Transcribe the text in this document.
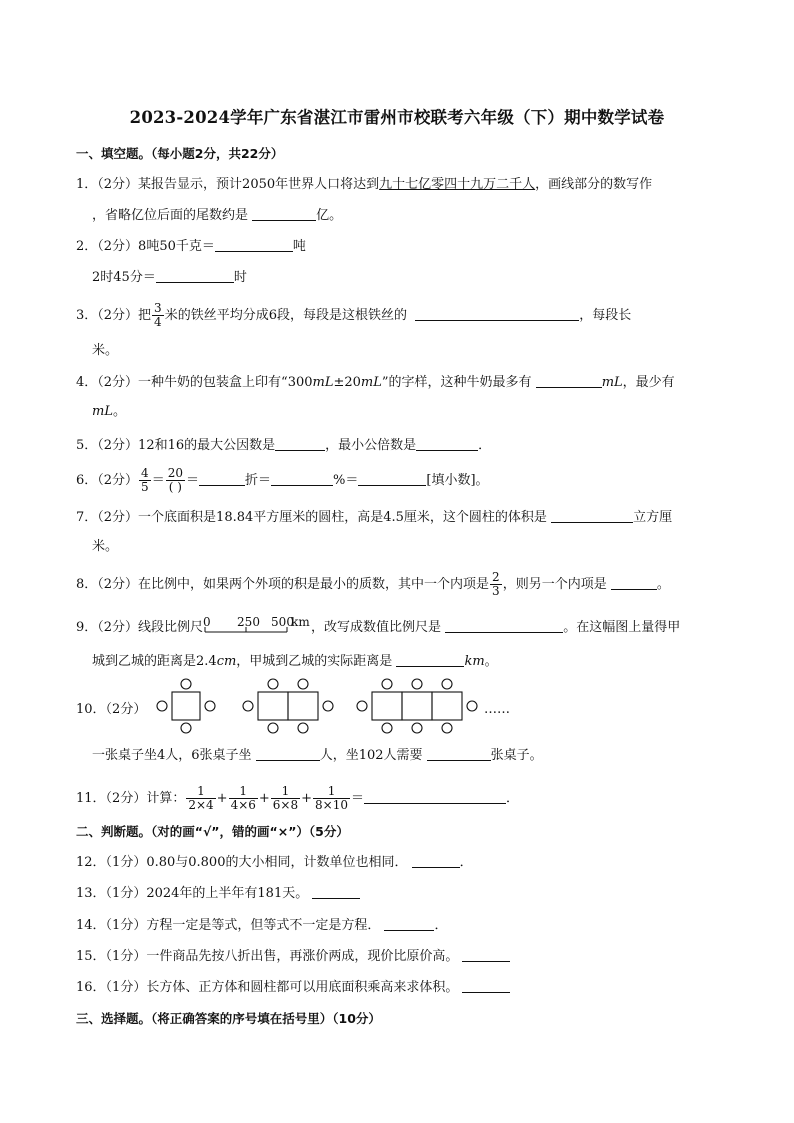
2023-2024学年广东省湛江市雷州市校联考六年级（下）期中数学试卷
一、填空题。（每小题2分，共22分）
1．（2分）某报告显示，预计2050年世界人口将达到九十七亿零四十九万二千人，画线部分的数写作
，省略亿位后面的尾数约是	亿。
2．（2分）8吨50千克＝	吨
2时45分＝	时
3．（2分）把 $\frac{3}{4}$ 米的铁丝平均分成6段，每段是这根铁丝的	，每段长
米。
4．（2分）一种牛奶的包装盒上印有“300mL±20mL”的字样，这种牛奶最多有	mL，最少有
mL。
5．（2分）12和16的最大公因数是	，最小公倍数是	．
6．（2分） $\frac{4}{5} = \frac{20}{( )}$ ＝	折＝	%＝	[填小数]。
7．（2分）一个底面积是18.84平方厘米的圆柱，高是4.5厘米，这个圆柱的体积是	立方厘
米。
8．（2分）在比例中，如果两个外项的积是最小的质数，其中一个内项是 $\frac{2}{3}$ ，则另一个内项是	。
9．（2分）线段比例尺 0 250 500
km ，改写成数值比例尺是	。在这幅图上量得甲
城到乙城的距离是2.4cm，甲城到乙城的实际距离是	km。
10．（2分）	……
一张桌子坐4人，6张桌子坐	人，坐102人需要	张桌子。
11．（2分）计算： $\frac{1}{2\times 4} + \frac{1}{4\times 6} + \frac{1}{6\times 8} + \frac{1}{8\times 10}$ ＝	．
二、判断题。（对的画“√”，错的画“×”）（5分）
12．（1分）0.80与0.800的大小相同，计数单位也相同．	．
13．（1分）2024年的上半年有181天。
14．（1分）方程一定是等式，但等式不一定是方程．	．
15．（1分）一件商品先按八折出售，再涨价两成，现价比原价高。
16．（1分）长方体、正方体和圆柱都可以用底面积乘高来求体积。
三、选择题。（将正确答案的序号填在括号里）（10分）
